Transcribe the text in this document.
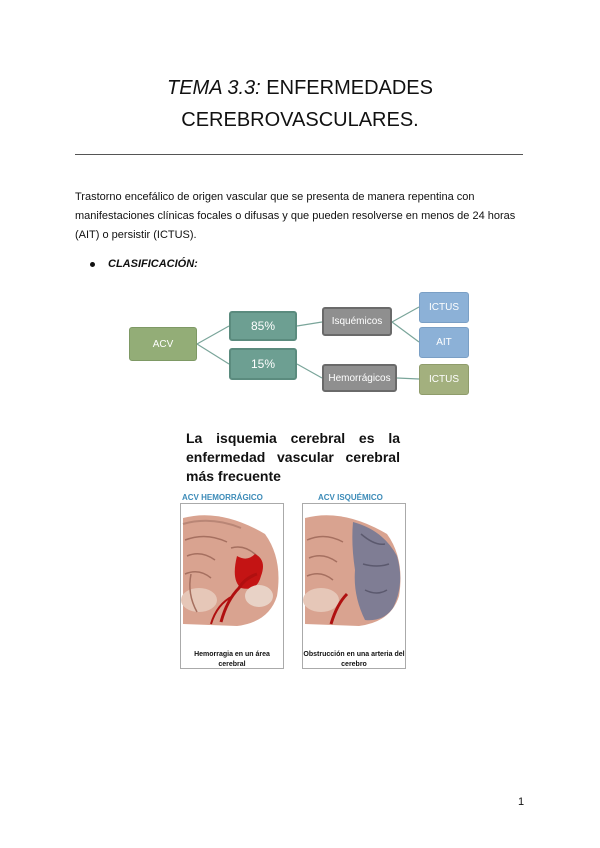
TEMA 3.3: ENFERMEDADES
CEREBROVASCULARES.

Trastorno encefálico de origen vascular que se presenta de manera repentina con manifestaciones clínicas focales o difusas y que pueden resolverse en menos de 24 horas (AIT) o persistir (ICTUS).

CLASIFICACIÓN:
ACV
85%
15%
Isquémicos
Hemorrágicos
ICTUS
AIT
ICTUS

La isquemia cerebral es la enfermedad vascular cerebral más frecuente

ACV HEMORRÁGICO	ACV ISQUÉMICO
Hemorragia en un área cerebral
Obstrucción en una arteria del cerebro
1
